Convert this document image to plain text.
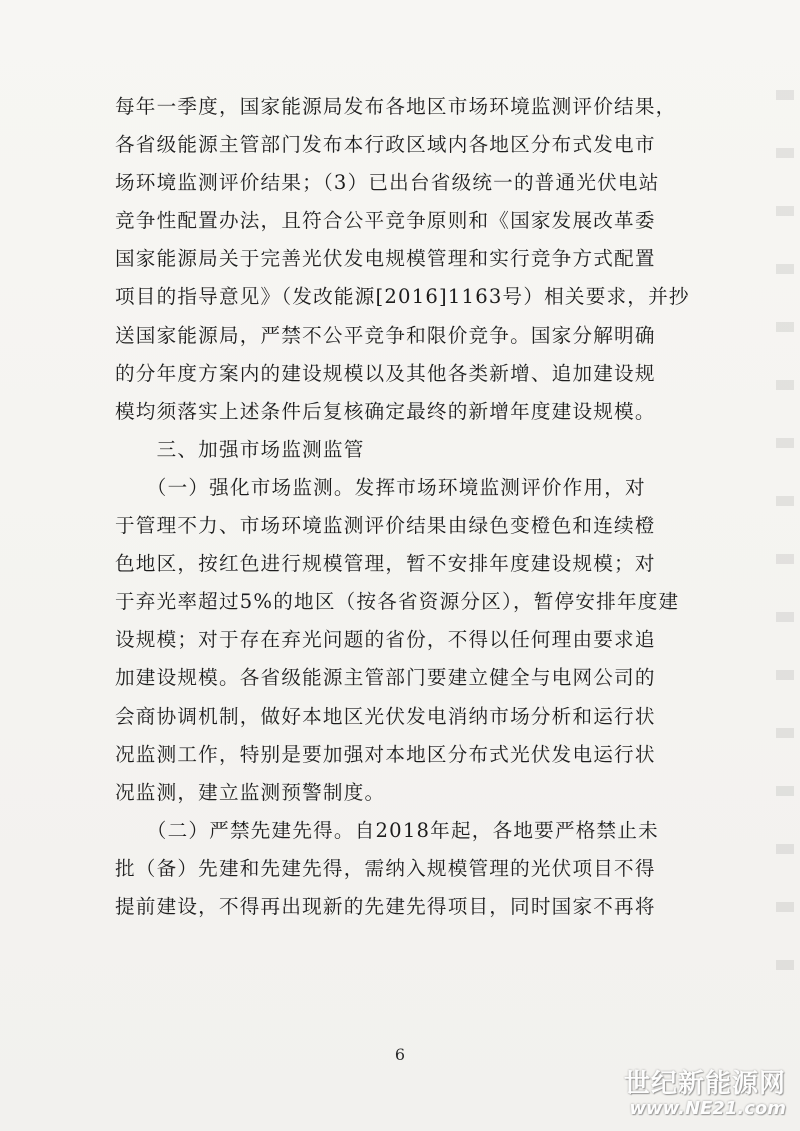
每年一季度，国家能源局发布各地区市场环境监测评价结果，
各省级能源主管部门发布本行政区域内各地区分布式发电市
场环境监测评价结果；（3）已出台省级统一的普通光伏电站
竞争性配置办法，且符合公平竞争原则和《国家发展改革委
国家能源局关于完善光伏发电规模管理和实行竞争方式配置
项目的指导意见》（发改能源[2016]1163号）相关要求，并抄
送国家能源局，严禁不公平竞争和限价竞争。国家分解明确
的分年度方案内的建设规模以及其他各类新增、追加建设规
模均须落实上述条件后复核确定最终的新增年度建设规模。
　　三、加强市场监测监管
　　（一）强化市场监测。发挥市场环境监测评价作用，对
于管理不力、市场环境监测评价结果由绿色变橙色和连续橙
色地区，按红色进行规模管理，暂不安排年度建设规模；对
于弃光率超过5%的地区（按各省资源分区），暂停安排年度建
设规模；对于存在弃光问题的省份，不得以任何理由要求追
加建设规模。各省级能源主管部门要建立健全与电网公司的
会商协调机制，做好本地区光伏发电消纳市场分析和运行状
况监测工作，特别是要加强对本地区分布式光伏发电运行状
况监测，建立监测预警制度。
　　（二）严禁先建先得。自2018年起，各地要严格禁止未
批（备）先建和先建先得，需纳入规模管理的光伏项目不得
提前建设，不得再出现新的先建先得项目，同时国家不再将
6
世纪新能源网
www.NE21.com
